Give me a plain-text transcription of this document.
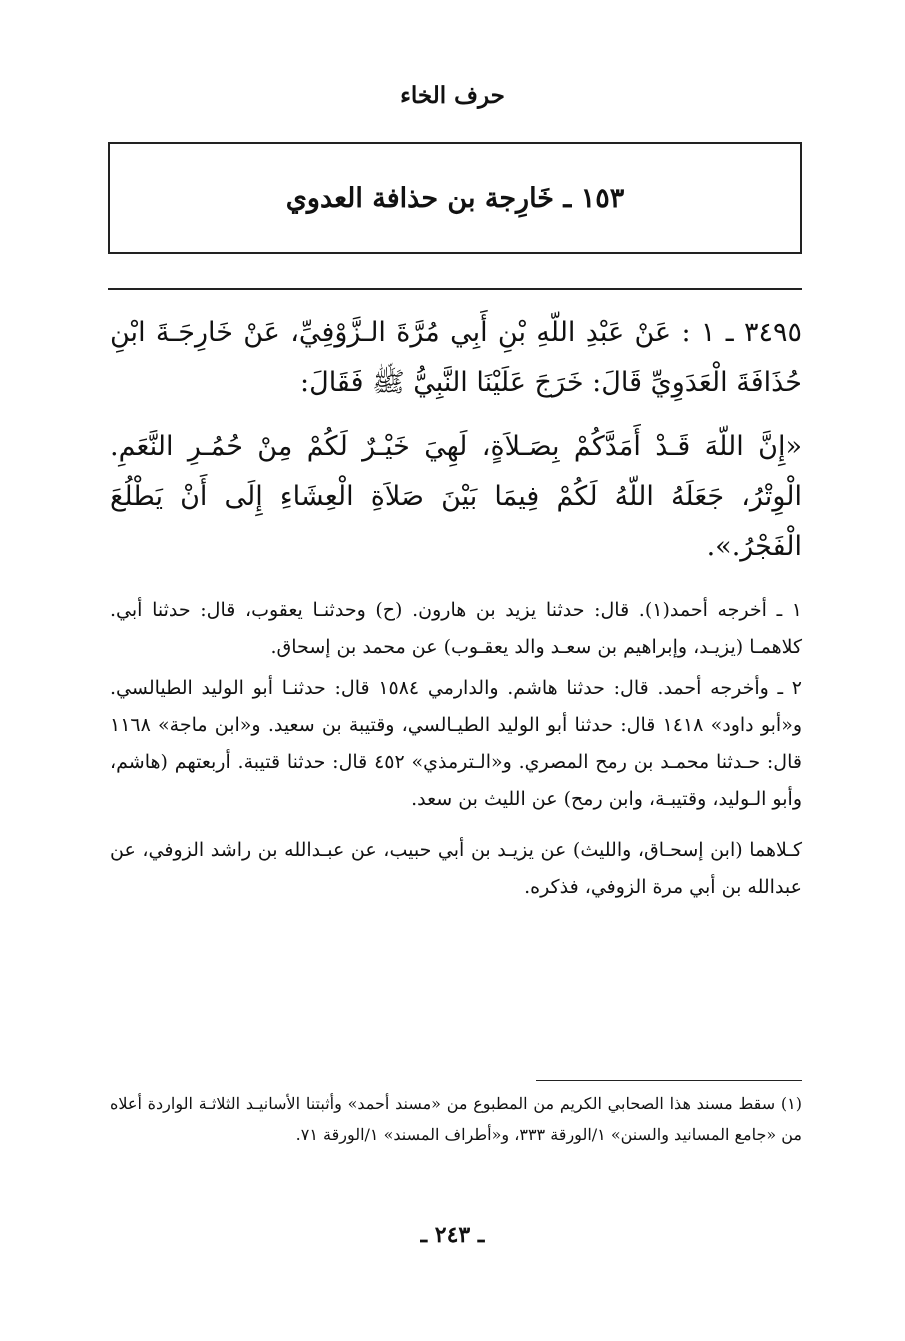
حرف الخاء
١٥٣ ـ خَارِجة بن حذافة العدوي

٣٤٩٥ ـ ١ : عَنْ عَبْدِ اللّهِ بْنِ أَبِي مُرَّةَ الـزَّوْفِيِّ، عَنْ خَارِجَـةَ ابْنِ حُذَافَةَ الْعَدَوِيِّ قَالَ: خَرَجَ عَلَيْنَا النَّبِيُّ ﷺ فَقَالَ:

«إِنَّ اللّهَ قَـدْ أَمَدَّكُمْ بِصَـلاَةٍ، لَهِيَ خَيْـرٌ لَكُمْ مِنْ حُمُـرِ النَّعَمِ. الْوِتْرُ، جَعَلَهُ اللّهُ لَكُمْ فِيمَا بَيْنَ صَلاَةِ الْعِشَاءِ إِلَى أَنْ يَطْلُعَ الْفَجْرُ.».

١ ـ أخرجه أحمد(١). قال: حدثنا يزيد بن هارون. (ح) وحدثنـا يعقوب، قال: حدثنا أبي. كلاهمـا (يزيـد، وإبراهيم بن سعـد والد يعقـوب) عن محمد بن إسحاق.

٢ ـ وأخرجه أحمد. قال: حدثنا هاشم. والدارمي ١٥٨٤ قال: حدثنـا أبو الوليد الطيالسي. و«أبو داود» ١٤١٨ قال: حدثنا أبو الوليد الطيـالسي، وقتيبة بن سعيد. و«ابن ماجة» ١١٦٨ قال: حـدثنا محمـد بن رمح المصري. و«الـترمذي» ٤٥٢ قال: حدثنا قتيبة. أربعتهم (هاشم، وأبو الـوليد، وقتيبـة، وابن رمح) عن الليث بن سعد.

كـلاهما (ابن إسحـاق، والليث) عن يزيـد بن أبي حبيب، عن عبـدالله بن راشد الزوفي، عن عبدالله بن أبي مرة الزوفي، فذكره.

(١) سقط مسند هذا الصحابي الكريم من المطبوع من «مسند أحمد» وأثبتنا الأسانيـد الثلاثـة الواردة أعلاه من «جامع المسانيد والسنن» ١/الورقة ٣٣٣، و«أطراف المسند» ١/الورقة ٧١.

ـ ٢٤٣ ـ
